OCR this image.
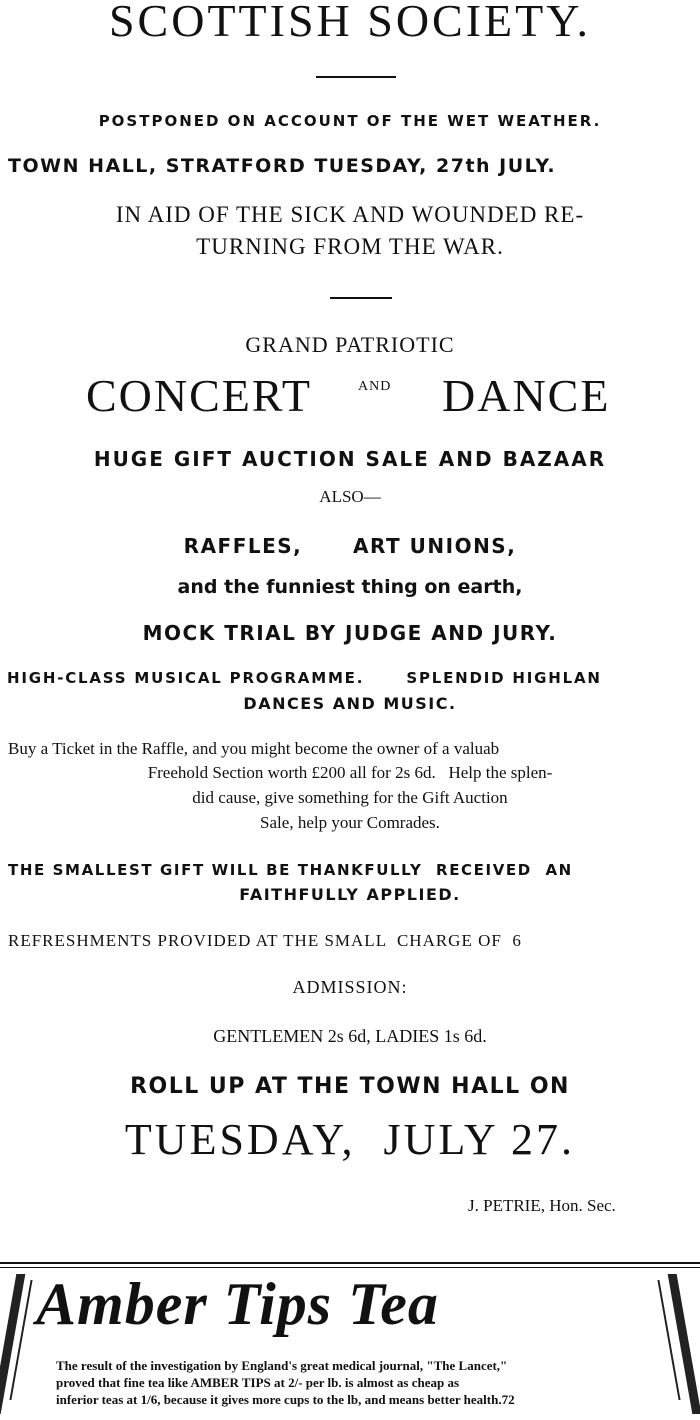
SCOTTISH SOCIETY.
POSTPONED ON ACCOUNT OF THE WET WEATHER.
TOWN HALL, STRATFORD TUESDAY, 27th JULY.
IN AID OF THE SICK AND WOUNDED RE-
TURNING FROM THE WAR.
GRAND PATRIOTIC
CONCERT	AND DANCE
HUGE GIFT AUCTION SALE AND BAZAAR
ALSO—
RAFFLES,      ART UNIONS,
and the funniest thing on earth,
MOCK TRIAL BY JUDGE AND JURY.
HIGH-CLASS MUSICAL PROGRAMME.      SPLENDID HIGHLAN
DANCES AND MUSIC.
Buy a Ticket in the Raffle, and you might become the owner of a valuab
Freehold Section worth £200 all for 2s 6d.   Help the splen-
did cause, give something for the Gift Auction
Sale, help your Comrades.
THE SMALLEST GIFT WILL BE THANKFULLY  RECEIVED  AN
FAITHFULLY APPLIED.
REFRESHMENTS PROVIDED AT THE SMALL  CHARGE OF  6
ADMISSION:
GENTLEMEN 2s 6d, LADIES 1s 6d.
ROLL UP AT THE TOWN HALL ON
TUESDAY,  JULY 27.
J. PETRIE, Hon. Sec.
Amber Tips Tea
The result of the investigation by England's great medical journal, "The Lancet,"
proved that fine tea like AMBER TIPS at 2/- per lb. is almost as cheap as
inferior teas at 1/6, because it gives more cups to the lb, and means better health.72
